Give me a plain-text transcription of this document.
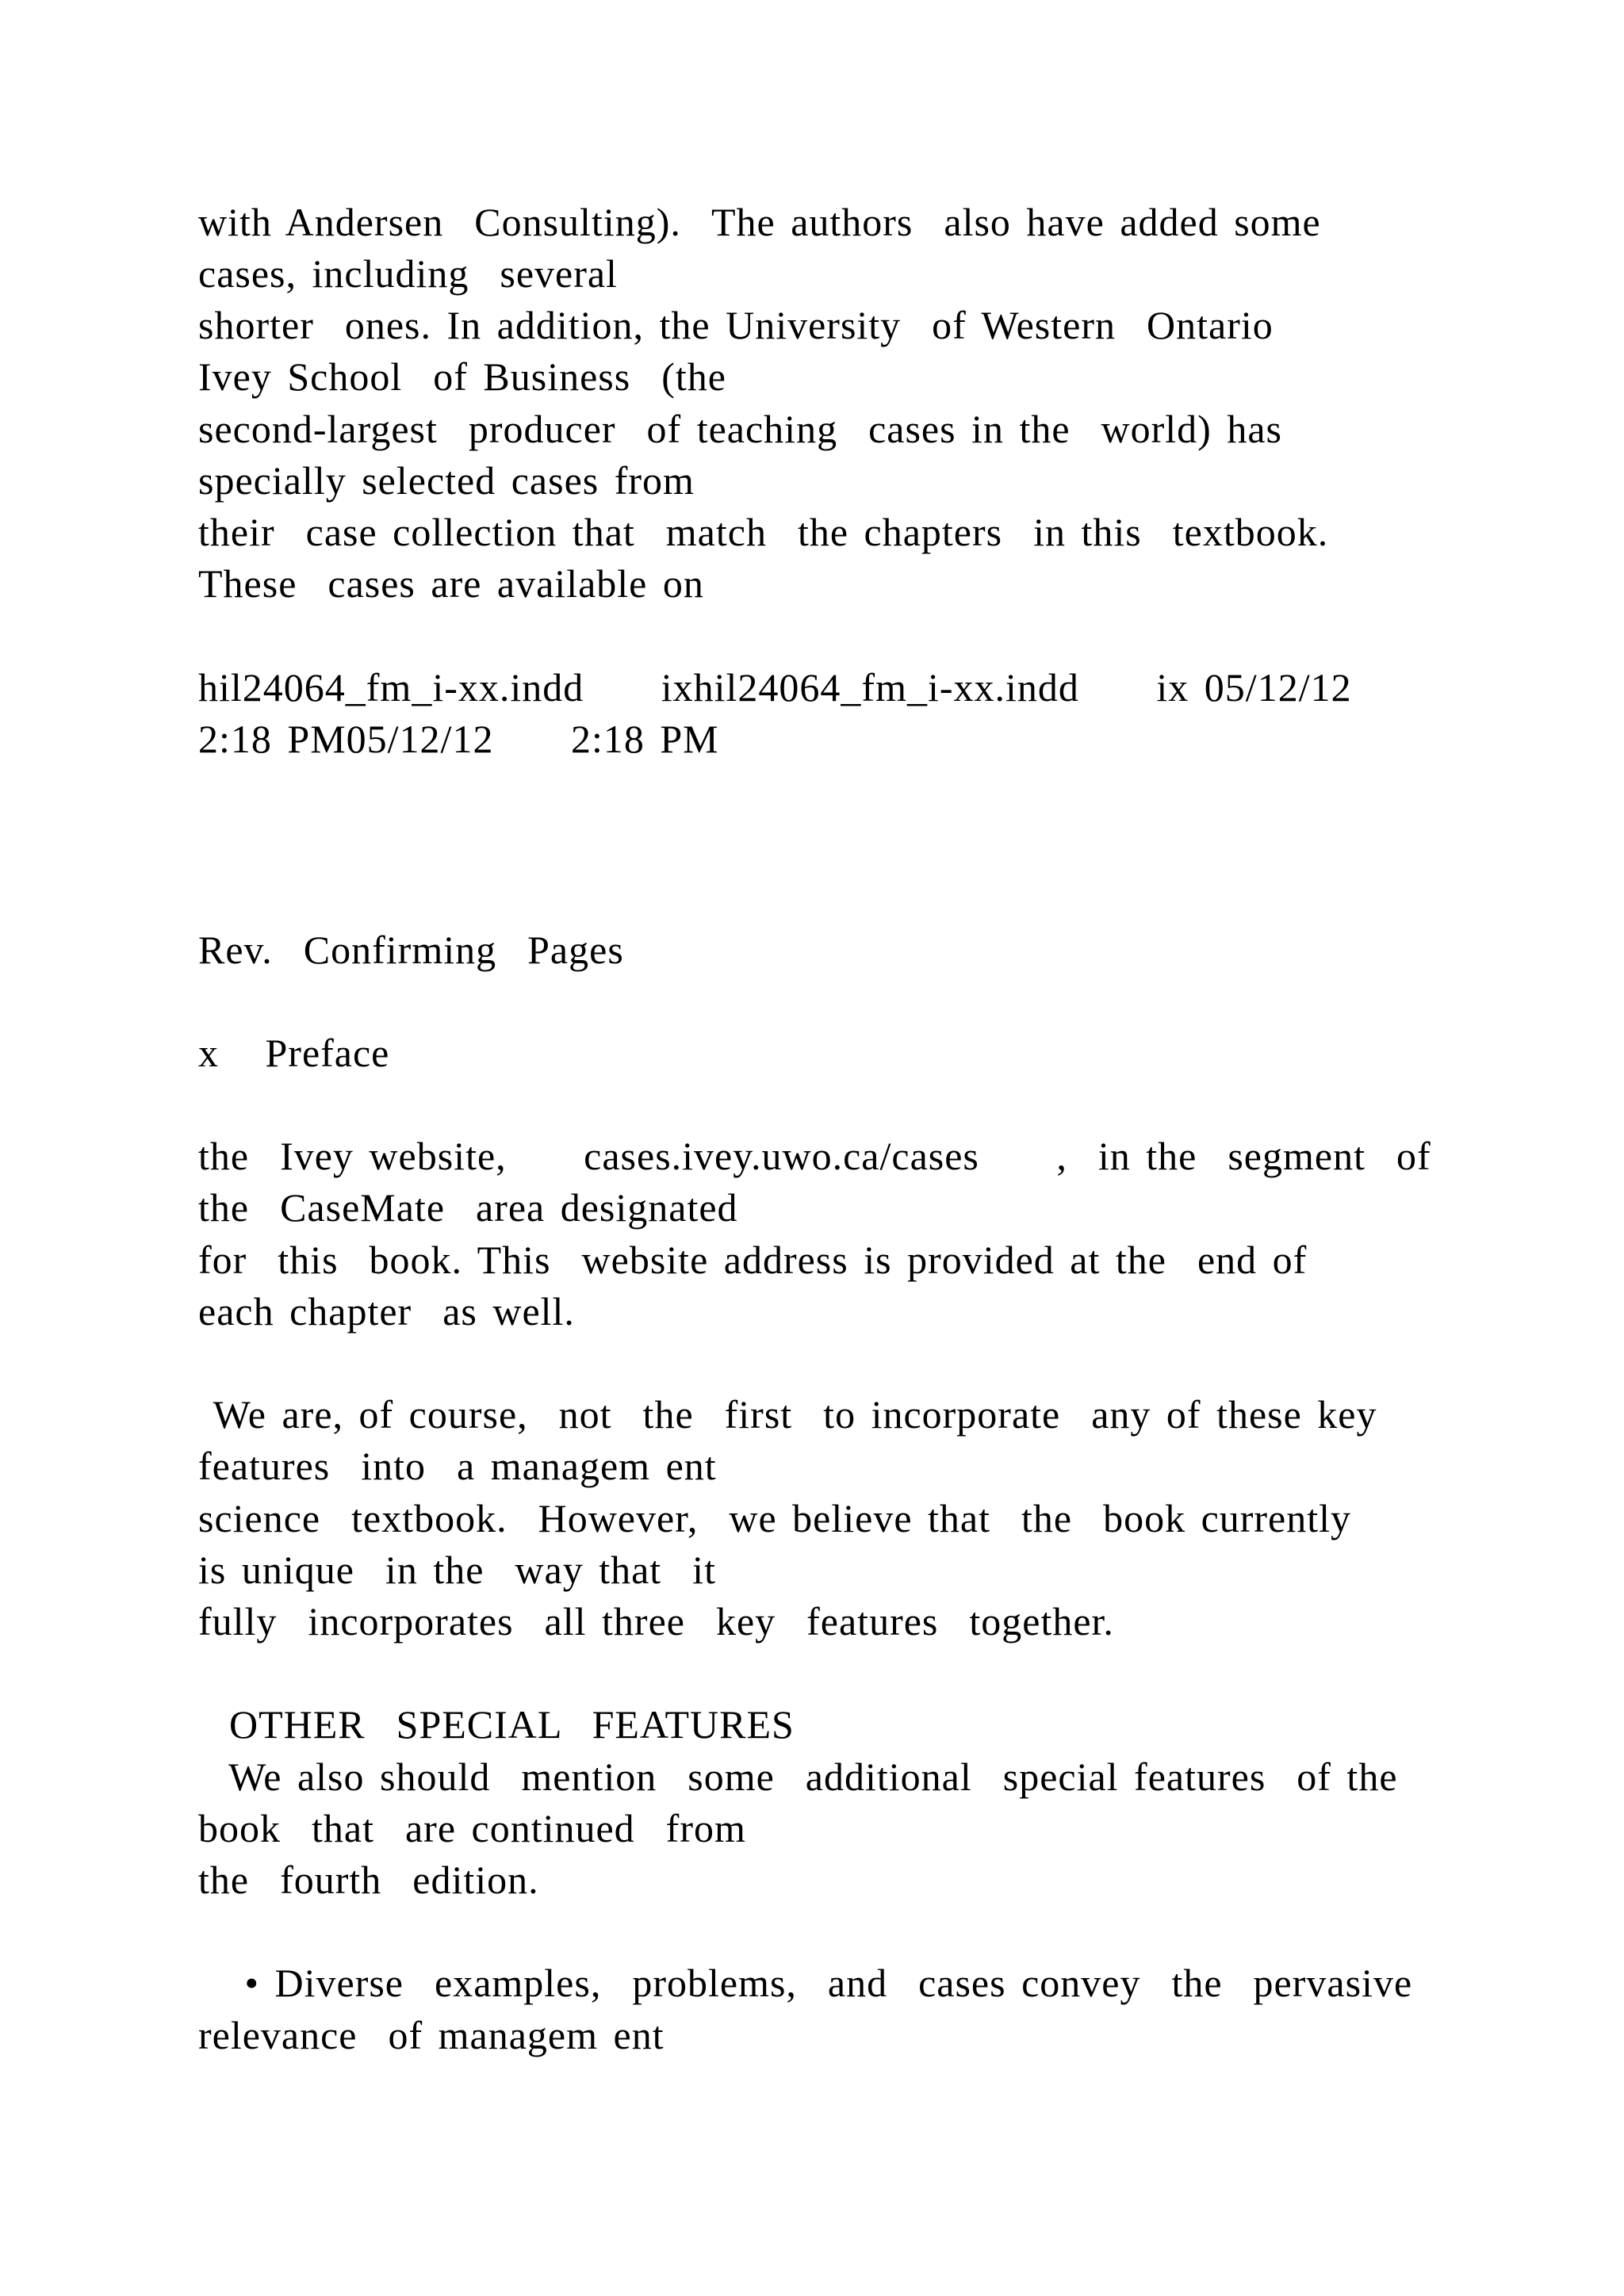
with Andersen  Consulting).  The authors  also have added some

cases, including  several

shorter  ones. In addition, the University  of Western  Ontario

Ivey School  of Business  (the

second-largest  producer  of teaching  cases in the  world) has

specially selected cases from

their  case collection that  match  the chapters  in this  textbook.

These  cases are available on

hil24064_fm_i-xx.indd     ixhil24064_fm_i-xx.indd     ix 05/12/12

2:18 PM05/12/12     2:18 PM

Rev.  Confirming  Pages

x   Preface

the  Ivey website,     cases.ivey.uwo.ca/cases     ,  in the  segment  of

the  CaseMate  area designated

for  this  book. This  website address is provided at the  end of

each chapter  as well.

We are, of course,  not  the  first  to incorporate  any of these key

features  into  a managem ent

science  textbook.  However,  we believe that  the  book currently

is unique  in the  way that  it

fully  incorporates  all three  key  features  together.

OTHER  SPECIAL  FEATURES

We also should  mention  some  additional  special features  of the

book  that  are continued  from

the  fourth  edition.

• Diverse  examples,  problems,  and  cases convey  the  pervasive

relevance  of managem ent
